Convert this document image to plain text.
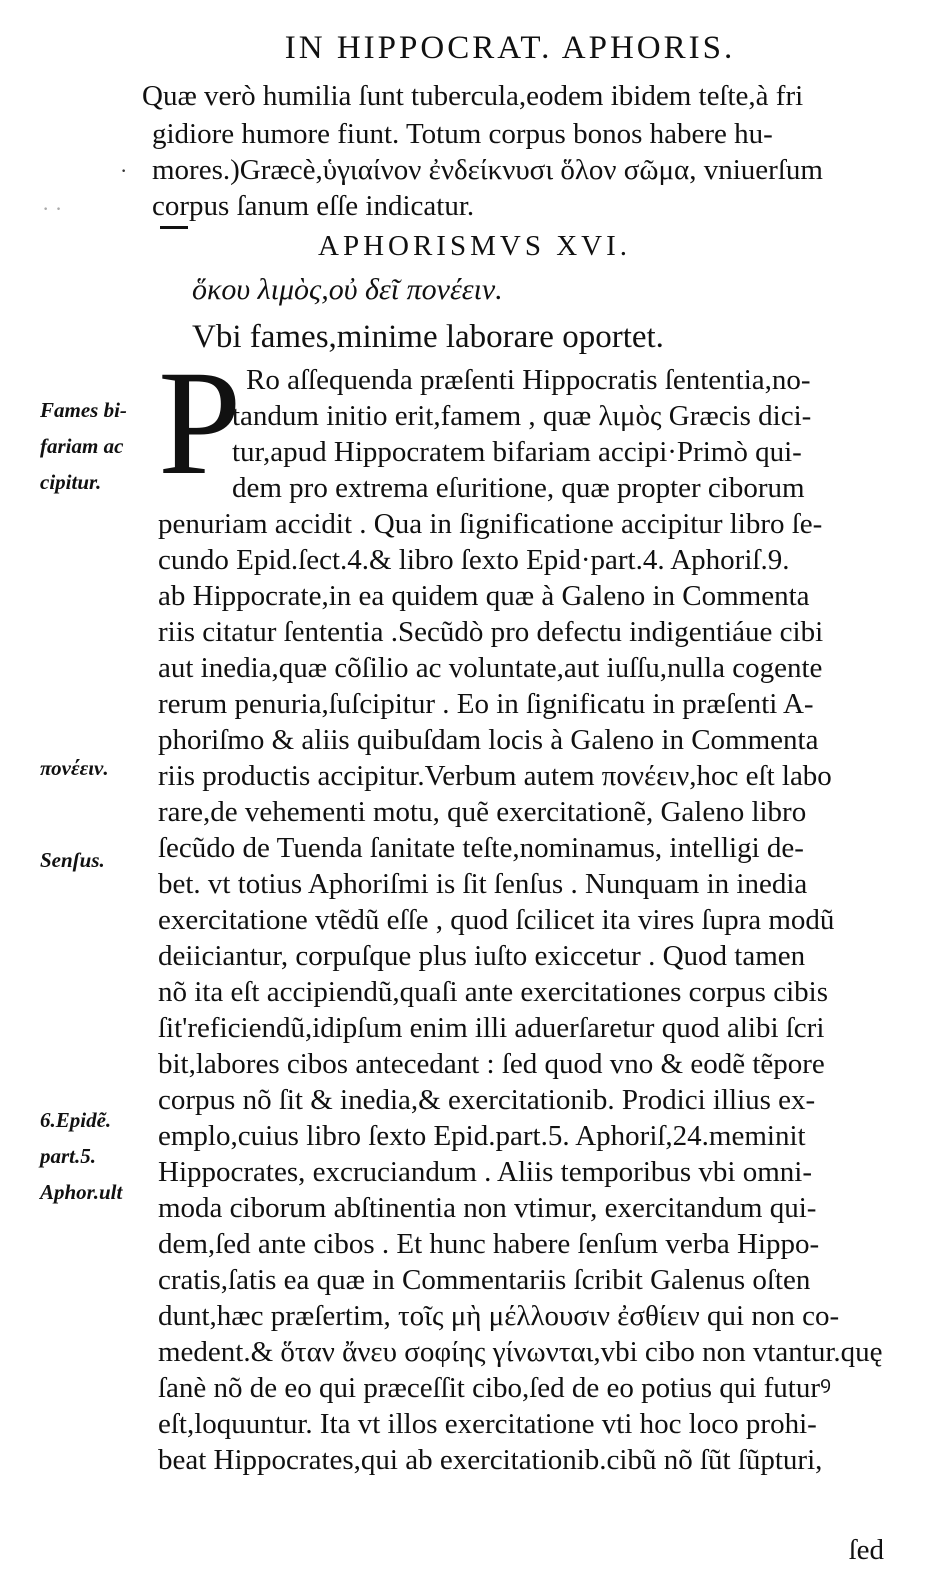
IN HIPPOCRAT. APHORIS.
·
· ·
Quæ verò humilia ſunt tubercula,eodem ibidem teſte,à fri
gidiore humore fiunt. Totum corpus bonos habere hu-
mores.)Græcè,ὑγιαίνον ἐνδείκνυσι ὅλον σῶμα, vniuerſum
corpus ſanum eſſe indicatur.
APHORISMVS XVI.
ὅκου λιμὸς,οὐ δεῖ πονέειν.
Vbi fames,minime laborare oportet.
P Ro aſſequenda præſenti Hippocratis ſententia,no-
tandum initio erit,famem , quæ λιμὸς Græcis dici-
tur,apud Hippocratem bifariam accipi·Primò qui-
dem pro extrema eſuritione, quæ propter ciborum
penuriam accidit . Qua in ſignificatione accipitur libro ſe-
cundo Epid.ſect.4.& libro ſexto Epid·part.4. Aphoriſ.9.
ab Hippocrate,in ea quidem quæ à Galeno in Commenta
riis citatur ſententia .Secũdò pro defectu indigentiáue cibi
aut inedia,quæ cõſilio ac voluntate,aut iuſſu,nulla cogente
rerum penuria,ſuſcipitur . Eo in ſignificatu in præſenti A-
phoriſmo & aliis quibuſdam locis à Galeno in Commenta
riis productis accipitur.Verbum autem πονέειν,hoc eſt labo
rare,de vehementi motu, quẽ exercitationẽ, Galeno libro
ſecũdo de Tuenda ſanitate teſte,nominamus, intelligi de-
bet. vt totius Aphoriſmi is ſit ſenſus . Nunquam in inedia
exercitatione vtẽdũ eſſe , quod ſcilicet ita vires ſupra modũ
deiiciantur, corpuſque plus iuſto exiccetur . Quod tamen
nõ ita eſt accipiendũ,quaſi ante exercitationes corpus cibis
ſit'reficiendũ,idipſum enim illi aduerſaretur quod alibi ſcri
bit,labores cibos antecedant : ſed quod vno & eodẽ tẽpore
corpus nõ ſit & inedia,& exercitationib. Prodici illius ex-
emplo,cuius libro ſexto Epid.part.5. Aphoriſ,24.meminit
Hippocrates, excruciandum . Aliis temporibus vbi omni-
moda ciborum abſtinentia non vtimur, exercitandum qui-
dem,ſed ante cibos . Et hunc habere ſenſum verba Hippo-
cratis,ſatis ea quæ in Commentariis ſcribit Galenus oſten
dunt,hæc præſertim, τοῖς μὴ μέλλουσιν ἐσθίειν qui non co-
medent.& ὅταν ἄνευ σοφίης γίνωνται,vbi cibo non vtantur.quę
ſanè nõ de eo qui præceſſit cibo,ſed de eo potius qui futurꝰ
eſt,loquuntur. Ita vt illos exercitatione vti hoc loco prohi-
beat Hippocrates,qui ab exercitationib.cibũ nõ ſũt ſũpturi,
ſed
Fames bi-
fariam ac
cipitur.
πονέειν.
Senſus.
6.Epidẽ.
part.5.
Aphor.ult
